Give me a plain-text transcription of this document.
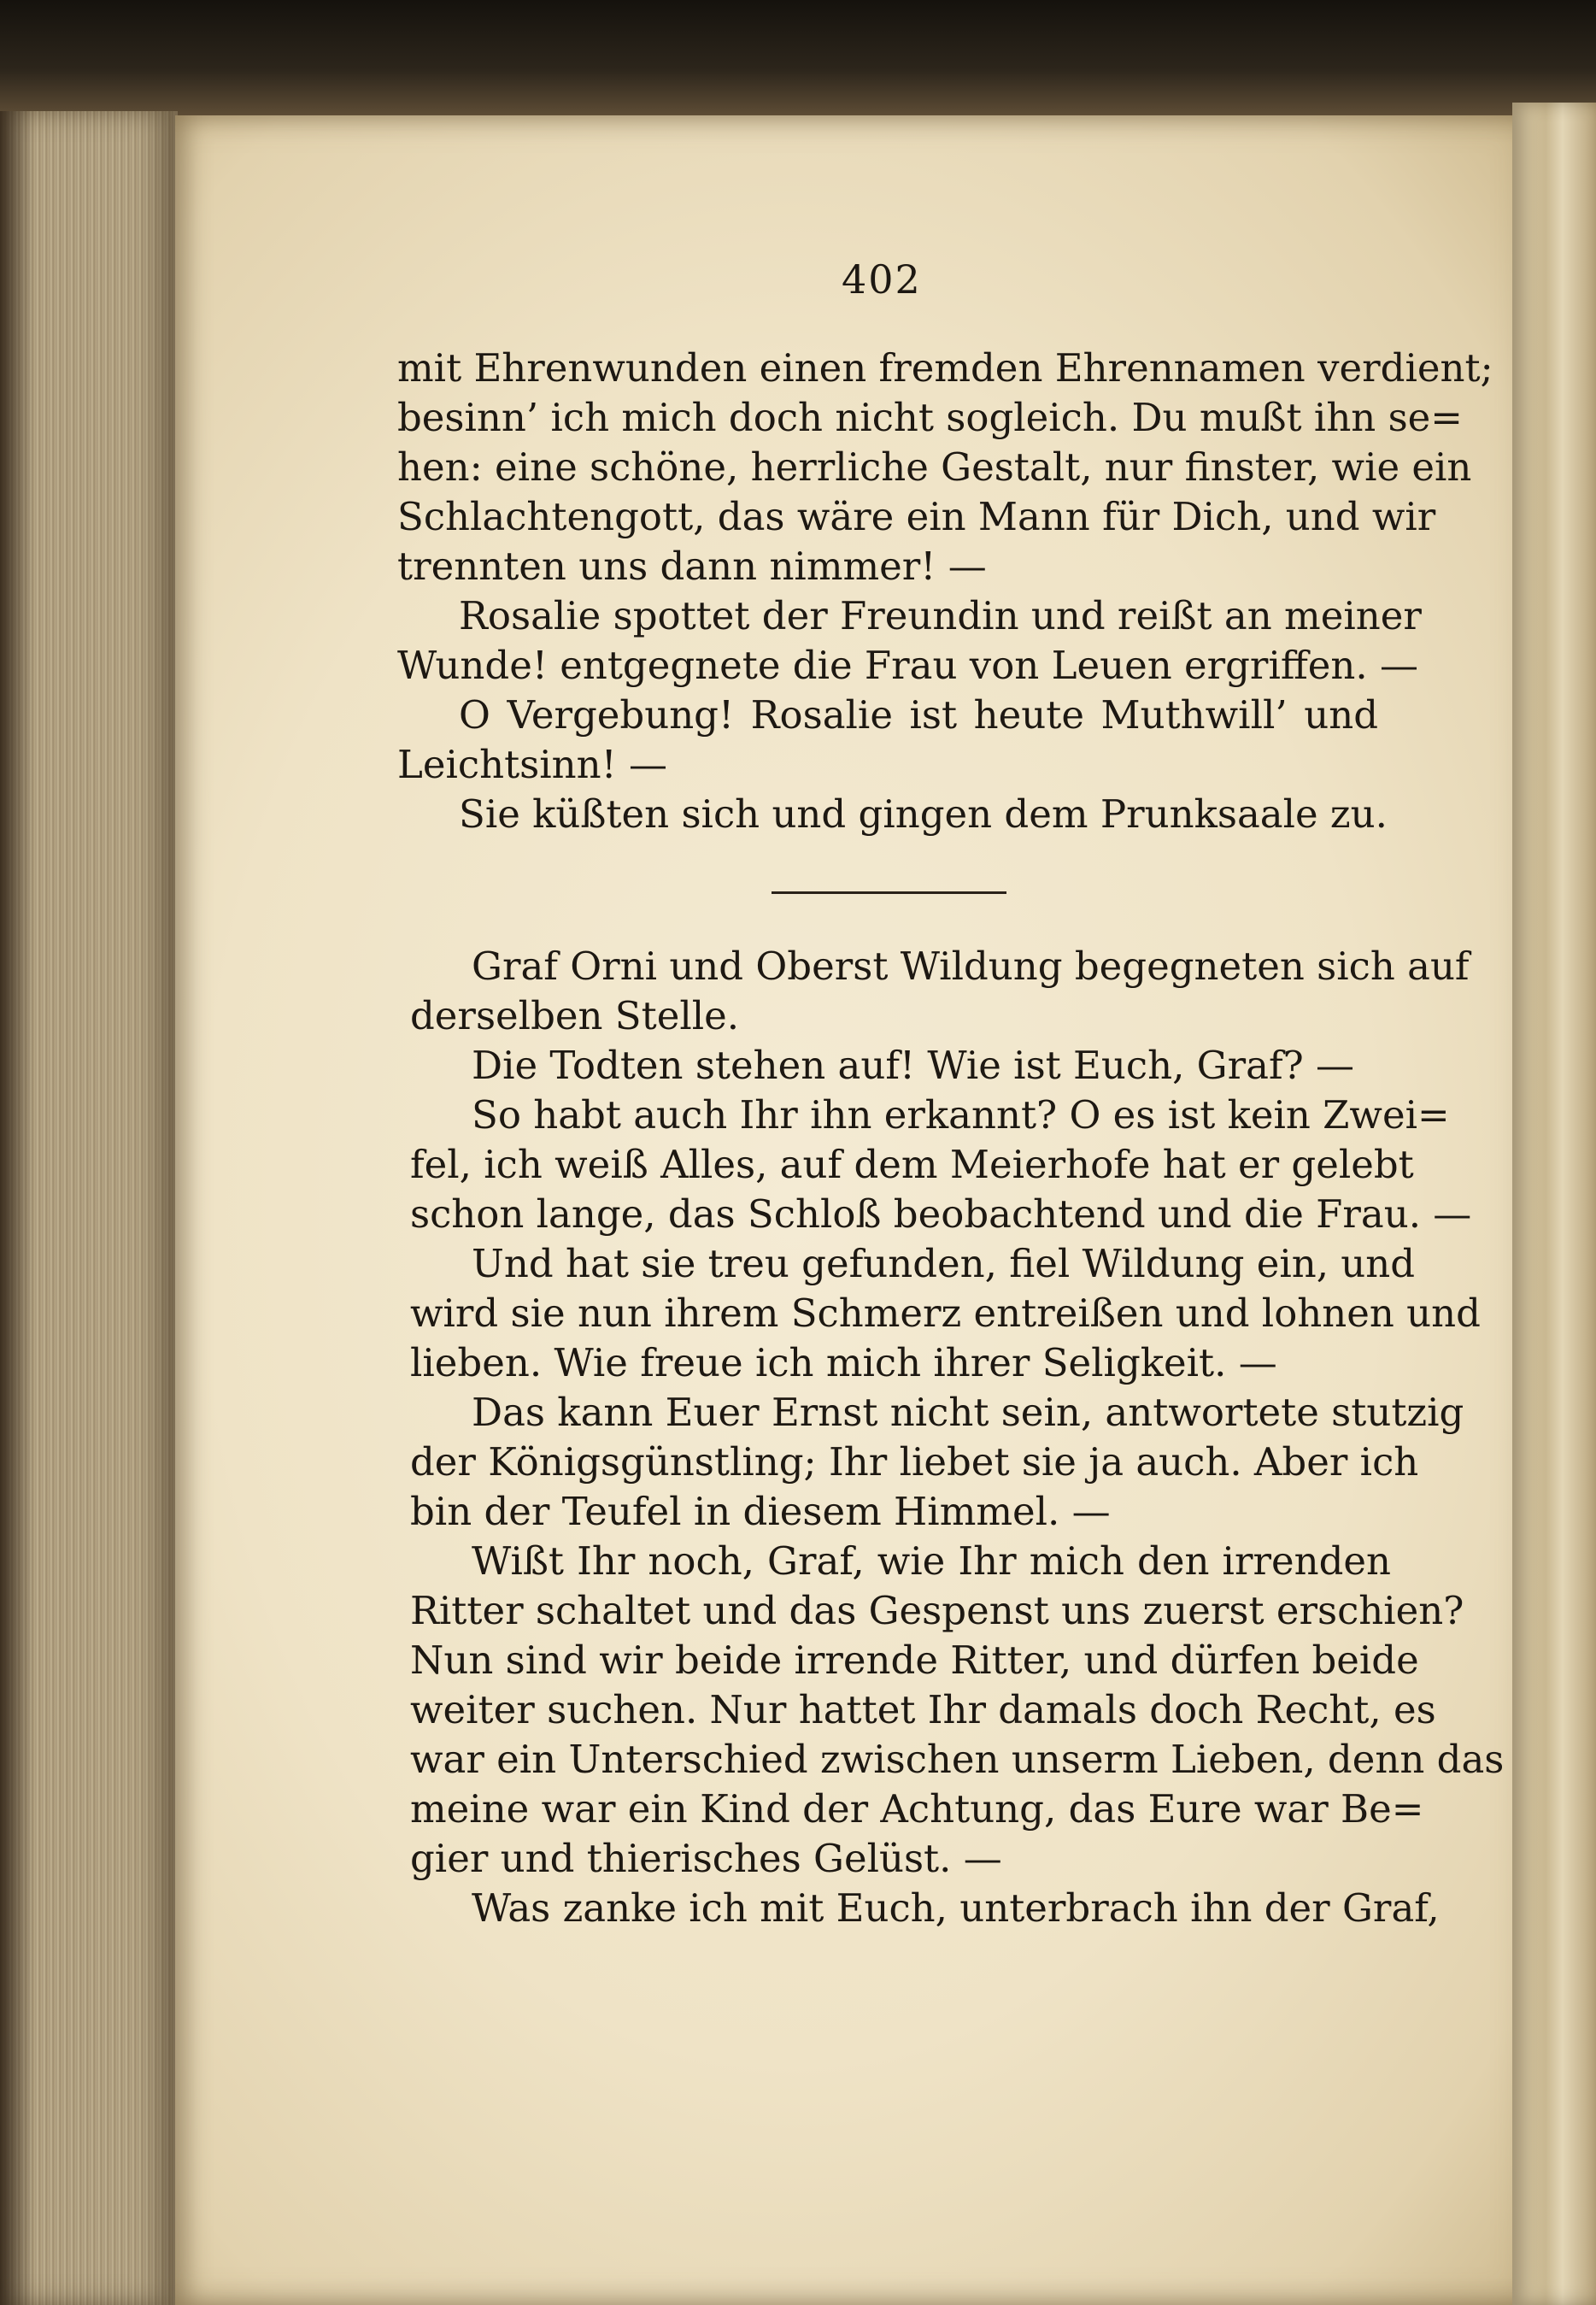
402
mit Ehrenwunden einen fremden Ehrennamen verdient;
besinn’ ich mich doch nicht sogleich. Du mußt ihn se=
hen: eine schöne, herrliche Gestalt, nur finster, wie ein
Schlachtengott, das wäre ein Mann für Dich, und wir
trennten uns dann nimmer! —
Rosalie spottet der Freundin und reißt an meiner
Wunde! entgegnete die Frau von Leuen ergriffen. —
O Vergebung! Rosalie ist heute Muthwill’ und
Leichtsinn! —
Sie küßten sich und gingen dem Prunksaale zu.
Graf Orni und Oberst Wildung begegneten sich auf
derselben Stelle.
Die Todten stehen auf! Wie ist Euch, Graf? —
So habt auch Ihr ihn erkannt? O es ist kein Zwei=
fel, ich weiß Alles, auf dem Meierhofe hat er gelebt
schon lange, das Schloß beobachtend und die Frau. —
Und hat sie treu gefunden, fiel Wildung ein, und
wird sie nun ihrem Schmerz entreißen und lohnen und
lieben. Wie freue ich mich ihrer Seligkeit. —
Das kann Euer Ernst nicht sein, antwortete stutzig
der Königsgünstling; Ihr liebet sie ja auch. Aber ich
bin der Teufel in diesem Himmel. —
Wißt Ihr noch, Graf, wie Ihr mich den irrenden
Ritter schaltet und das Gespenst uns zuerst erschien?
Nun sind wir beide irrende Ritter, und dürfen beide
weiter suchen. Nur hattet Ihr damals doch Recht, es
war ein Unterschied zwischen unserm Lieben, denn das
meine war ein Kind der Achtung, das Eure war Be=
gier und thierisches Gelüst. —
Was zanke ich mit Euch, unterbrach ihn der Graf,
